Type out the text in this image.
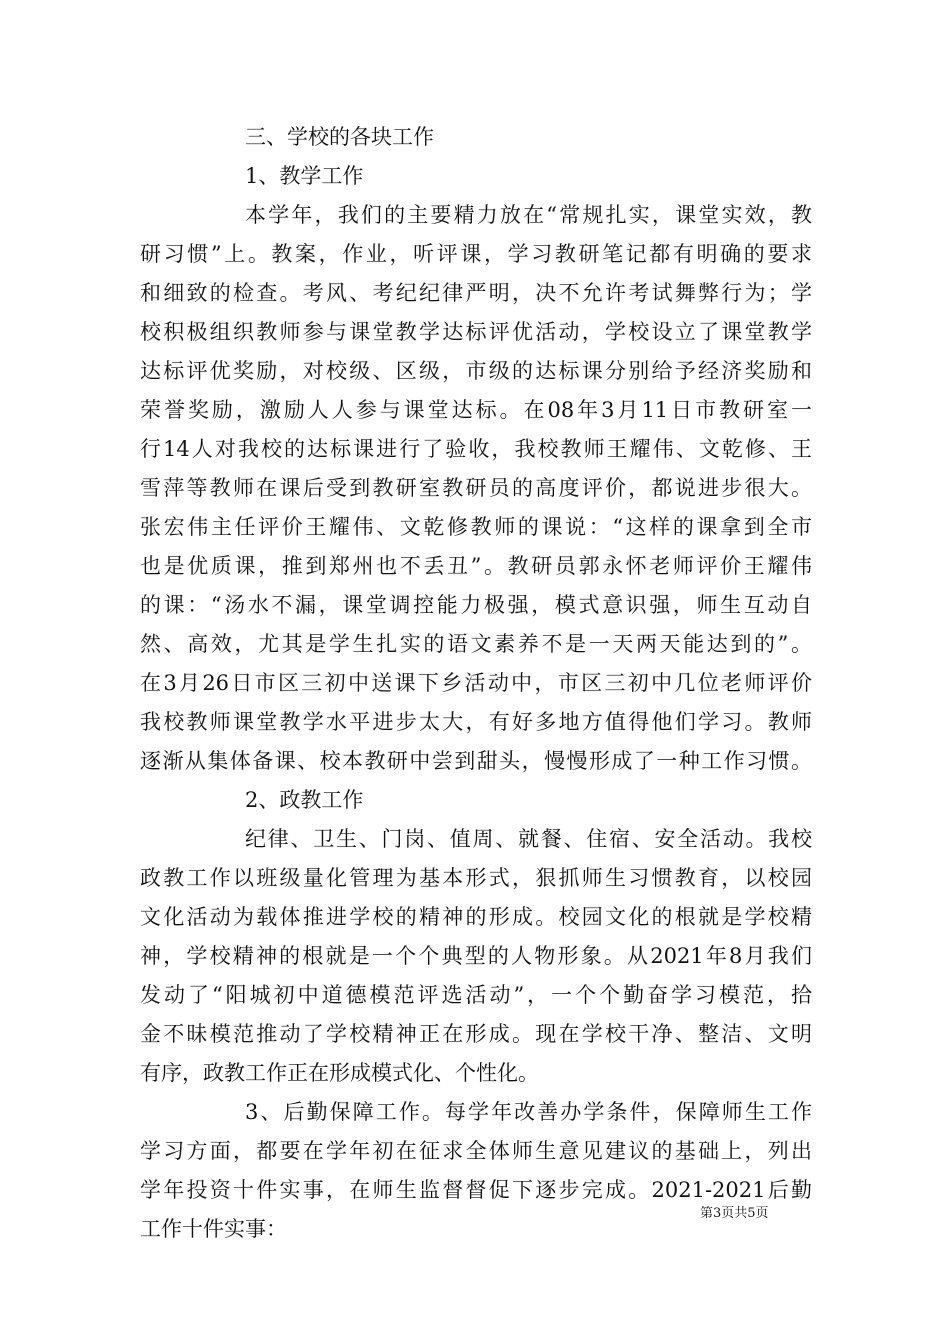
三、学校的各块工作
1、教学工作
本学年，我们的主要精力放在“常规扎实，课堂实效，教
研习惯”上。教案，作业，听评课，学习教研笔记都有明确的要求
和细致的检查。考风、考纪纪律严明，决不允许考试舞弊行为；学
校积极组织教师参与课堂教学达标评优活动，学校设立了课堂教学
达标评优奖励，对校级、区级，市级的达标课分别给予经济奖励和
荣誉奖励，激励人人参与课堂达标。在08年3月11日市教研室一
行14人对我校的达标课进行了验收，我校教师王耀伟、文乾修、王
雪萍等教师在课后受到教研室教研员的高度评价，都说进步很大。
张宏伟主任评价王耀伟、文乾修教师的课说：“这样的课拿到全市
也是优质课，推到郑州也不丢丑”。教研员郭永怀老师评价王耀伟
的课：“汤水不漏，课堂调控能力极强，模式意识强，师生互动自
然、高效，尤其是学生扎实的语文素养不是一天两天能达到的”。
在3月26日市区三初中送课下乡活动中，市区三初中几位老师评价
我校教师课堂教学水平进步太大，有好多地方值得他们学习。教师
逐渐从集体备课、校本教研中尝到甜头，慢慢形成了一种工作习惯。
2、政教工作
纪律、卫生、门岗、值周、就餐、住宿、安全活动。我校
政教工作以班级量化管理为基本形式，狠抓师生习惯教育，以校园
文化活动为载体推进学校的精神的形成。校园文化的根就是学校精
神，学校精神的根就是一个个典型的人物形象。从2021年8月我们
发动了“阳城初中道德模范评选活动”，一个个勤奋学习模范，拾
金不昧模范推动了学校精神正在形成。现在学校干净、整洁、文明
有序，政教工作正在形成模式化、个性化。
3、后勤保障工作。每学年改善办学条件，保障师生工作
学习方面，都要在学年初在征求全体师生意见建议的基础上，列出
学年投资十件实事，在师生监督督促下逐步完成。2021-2021后勤
工作十件实事：
第3页共5页
